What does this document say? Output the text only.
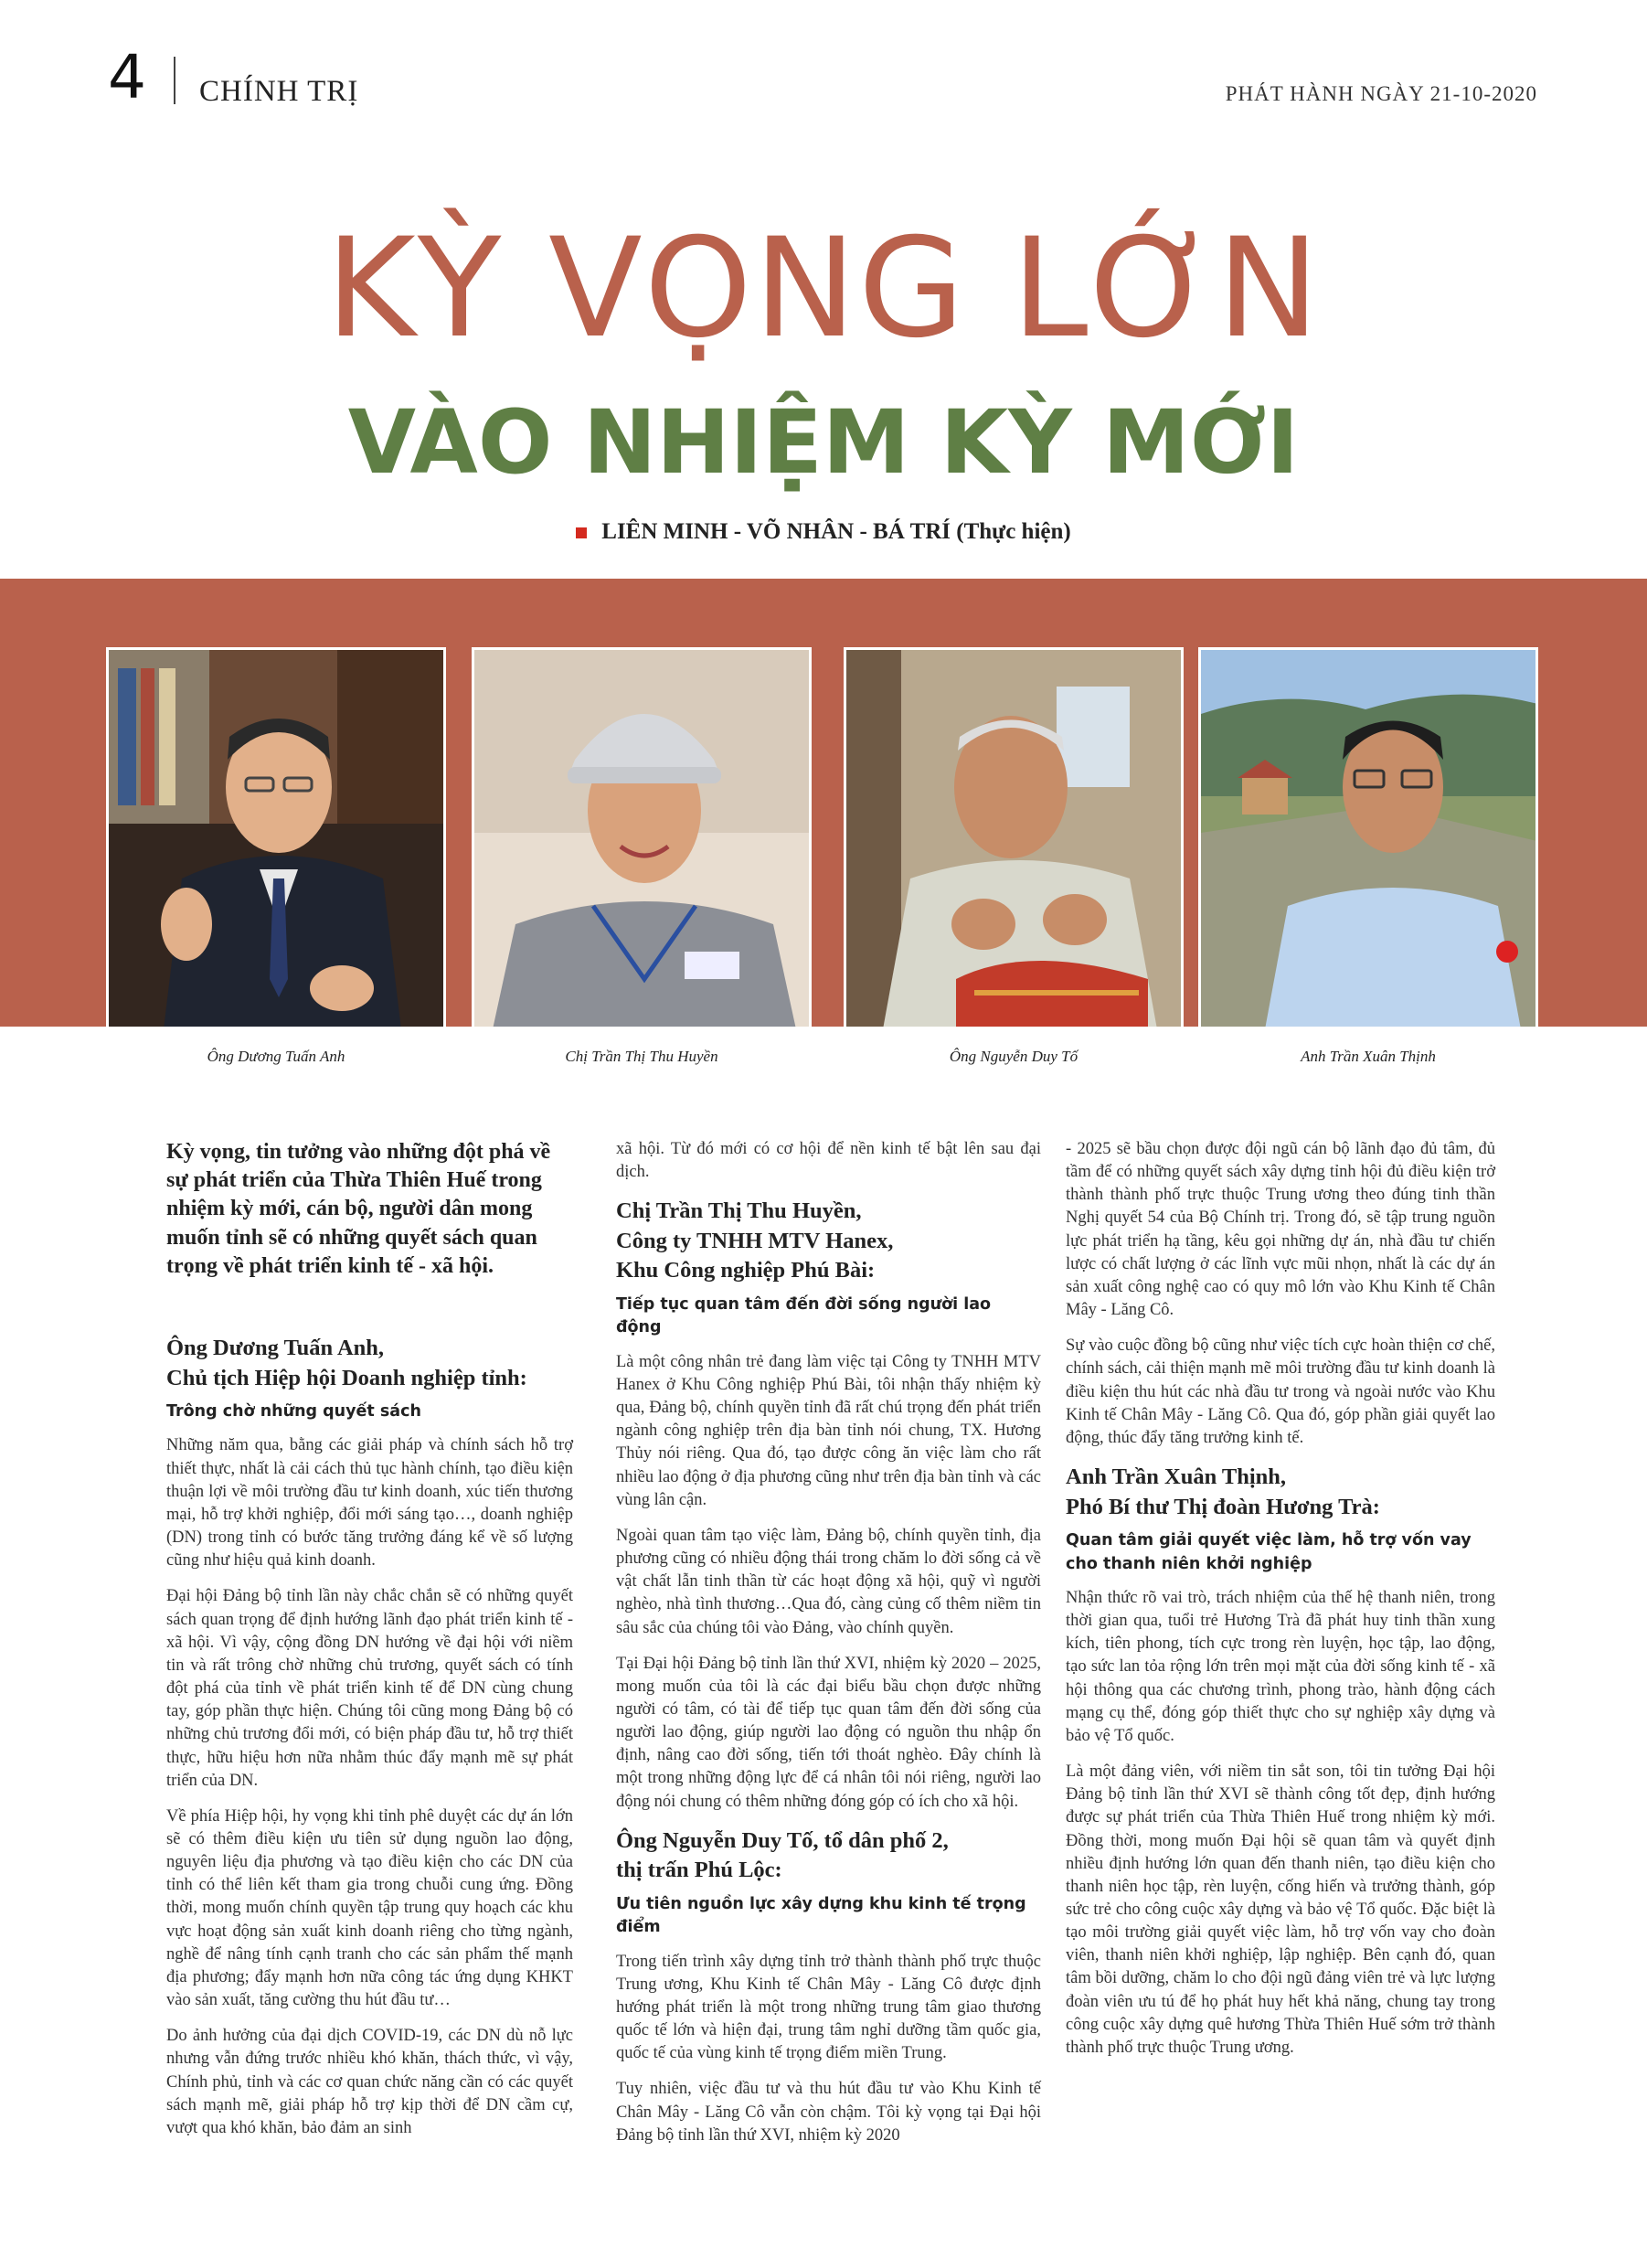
4 CHÍNH TRỊ	PHÁT HÀNH NGÀY 21-10-2020
KỲ VỌNG LỚN
VÀO NHIỆM KỲ MỚI
LIÊN MINH - VÕ NHÂN - BÁ TRÍ (Thực hiện)
Ông Dương Tuấn Anh	Chị Trần Thị Thu Huyền	Ông Nguyễn Duy Tố	Anh Trần Xuân Thịnh

Kỳ vọng, tin tưởng vào những đột phá về sự phát triển của Thừa Thiên Huế trong nhiệm kỳ mới, cán bộ, người dân mong muốn tỉnh sẽ có những quyết sách quan trọng về phát triển kinh tế - xã hội.

Ông Dương Tuấn Anh,
Chủ tịch Hiệp hội Doanh nghiệp tỉnh:
Trông chờ những quyết sách

Những năm qua, bằng các giải pháp và chính sách hỗ trợ thiết thực, nhất là cải cách thủ tục hành chính, tạo điều kiện thuận lợi về môi trường đầu tư kinh doanh, xúc tiến thương mại, hỗ trợ khởi nghiệp, đổi mới sáng tạo…, doanh nghiệp (DN) trong tỉnh có bước tăng trưởng đáng kể về số lượng cũng như hiệu quả kinh doanh.

Đại hội Đảng bộ tỉnh lần này chắc chắn sẽ có những quyết sách quan trọng để định hướng lãnh đạo phát triển kinh tế - xã hội. Vì vậy, cộng đồng DN hướng về đại hội với niềm tin và rất trông chờ những chủ trương, quyết sách có tính đột phá của tỉnh về phát triển kinh tế để DN cùng chung tay, góp phần thực hiện. Chúng tôi cũng mong Đảng bộ có những chủ trương đổi mới, có biện pháp đầu tư, hỗ trợ thiết thực, hữu hiệu hơn nữa nhằm thúc đẩy mạnh mẽ sự phát triển của DN.

Về phía Hiệp hội, hy vọng khi tỉnh phê duyệt các dự án lớn sẽ có thêm điều kiện ưu tiên sử dụng nguồn lao động, nguyên liệu địa phương và tạo điều kiện cho các DN của tỉnh có thể liên kết tham gia trong chuỗi cung ứng. Đồng thời, mong muốn chính quyền tập trung quy hoạch các khu vực hoạt động sản xuất kinh doanh riêng cho từng ngành, nghề để nâng tính cạnh tranh cho các sản phẩm thế mạnh địa phương; đẩy mạnh hơn nữa công tác ứng dụng KHKT vào sản xuất, tăng cường thu hút đầu tư…

Do ảnh hưởng của đại dịch COVID-19, các DN dù nỗ lực nhưng vẫn đứng trước nhiều khó khăn, thách thức, vì vậy, Chính phủ, tỉnh và các cơ quan chức năng cần có các quyết sách mạnh mẽ, giải pháp hỗ trợ kịp thời để DN cầm cự, vượt qua khó khăn, bảo đảm an sinh

xã hội. Từ đó mới có cơ hội để nền kinh tế bật lên sau đại dịch.

Chị Trần Thị Thu Huyền,
Công ty TNHH MTV Hanex,
Khu Công nghiệp Phú Bài:
Tiếp tục quan tâm đến đời sống người lao động

Là một công nhân trẻ đang làm việc tại Công ty TNHH MTV Hanex ở Khu Công nghiệp Phú Bài, tôi nhận thấy nhiệm kỳ qua, Đảng bộ, chính quyền tỉnh đã rất chú trọng đến phát triển ngành công nghiệp trên địa bàn tỉnh nói chung, TX. Hương Thủy nói riêng. Qua đó, tạo được công ăn việc làm cho rất nhiều lao động ở địa phương cũng như trên địa bàn tỉnh và các vùng lân cận.

Ngoài quan tâm tạo việc làm, Đảng bộ, chính quyền tỉnh, địa phương cũng có nhiều động thái trong chăm lo đời sống cả về vật chất lẫn tinh thần từ các hoạt động xã hội, quỹ vì người nghèo, nhà tình thương…Qua đó, càng củng cố thêm niềm tin sâu sắc của chúng tôi vào Đảng, vào chính quyền.

Tại Đại hội Đảng bộ tỉnh lần thứ XVI, nhiệm kỳ 2020 – 2025, mong muốn của tôi là các đại biểu bầu chọn được những người có tâm, có tài để tiếp tục quan tâm đến đời sống của người lao động, giúp người lao động có nguồn thu nhập ổn định, nâng cao đời sống, tiến tới thoát nghèo. Đây chính là một trong những động lực để cá nhân tôi nói riêng, người lao động nói chung có thêm những đóng góp có ích cho xã hội.

Ông Nguyễn Duy Tố, tổ dân phố 2,
thị trấn Phú Lộc:
Ưu tiên nguồn lực xây dựng khu kinh tế trọng điểm

Trong tiến trình xây dựng tỉnh trở thành thành phố trực thuộc Trung ương, Khu Kinh tế Chân Mây - Lăng Cô được định hướng phát triển là một trong những trung tâm giao thương quốc tế lớn và hiện đại, trung tâm nghỉ dưỡng tầm quốc gia, quốc tế của vùng kinh tế trọng điểm miền Trung.

Tuy nhiên, việc đầu tư và thu hút đầu tư vào Khu Kinh tế Chân Mây - Lăng Cô vẫn còn chậm. Tôi kỳ vọng tại Đại hội Đảng bộ tỉnh lần thứ XVI, nhiệm kỳ 2020

- 2025 sẽ bầu chọn được đội ngũ cán bộ lãnh đạo đủ tâm, đủ tầm để có những quyết sách xây dựng tỉnh hội đủ điều kiện trở thành thành phố trực thuộc Trung ương theo đúng tinh thần Nghị quyết 54 của Bộ Chính trị. Trong đó, sẽ tập trung nguồn lực phát triển hạ tầng, kêu gọi những dự án, nhà đầu tư chiến lược có chất lượng ở các lĩnh vực mũi nhọn, nhất là các dự án sản xuất công nghệ cao có quy mô lớn vào Khu Kinh tế Chân Mây - Lăng Cô.

Sự vào cuộc đồng bộ cũng như việc tích cực hoàn thiện cơ chế, chính sách, cải thiện mạnh mẽ môi trường đầu tư kinh doanh là điều kiện thu hút các nhà đầu tư trong và ngoài nước vào Khu Kinh tế Chân Mây - Lăng Cô. Qua đó, góp phần giải quyết lao động, thúc đẩy tăng trưởng kinh tế.

Anh Trần Xuân Thịnh,
Phó Bí thư Thị đoàn Hương Trà:
Quan tâm giải quyết việc làm, hỗ trợ vốn vay cho thanh niên khởi nghiệp

Nhận thức rõ vai trò, trách nhiệm của thế hệ thanh niên, trong thời gian qua, tuổi trẻ Hương Trà đã phát huy tinh thần xung kích, tiên phong, tích cực trong rèn luyện, học tập, lao động, tạo sức lan tỏa rộng lớn trên mọi mặt của đời sống kinh tế - xã hội thông qua các chương trình, phong trào, hành động cách mạng cụ thể, đóng góp thiết thực cho sự nghiệp xây dựng và bảo vệ Tổ quốc.

Là một đảng viên, với niềm tin sắt son, tôi tin tưởng Đại hội Đảng bộ tỉnh lần thứ XVI sẽ thành công tốt đẹp, định hướng được sự phát triển của Thừa Thiên Huế trong nhiệm kỳ mới. Đồng thời, mong muốn Đại hội sẽ quan tâm và quyết định nhiều định hướng lớn quan đến thanh niên, tạo điều kiện cho thanh niên học tập, rèn luyện, cống hiến và trưởng thành, góp sức trẻ cho công cuộc xây dựng và bảo vệ Tổ quốc. Đặc biệt là tạo môi trường giải quyết việc làm, hỗ trợ vốn vay cho đoàn viên, thanh niên khởi nghiệp, lập nghiệp. Bên cạnh đó, quan tâm bồi dưỡng, chăm lo cho đội ngũ đảng viên trẻ và lực lượng đoàn viên ưu tú để họ phát huy hết khả năng, chung tay trong công cuộc xây dựng quê hương Thừa Thiên Huế sớm trở thành thành phố trực thuộc Trung ương.
